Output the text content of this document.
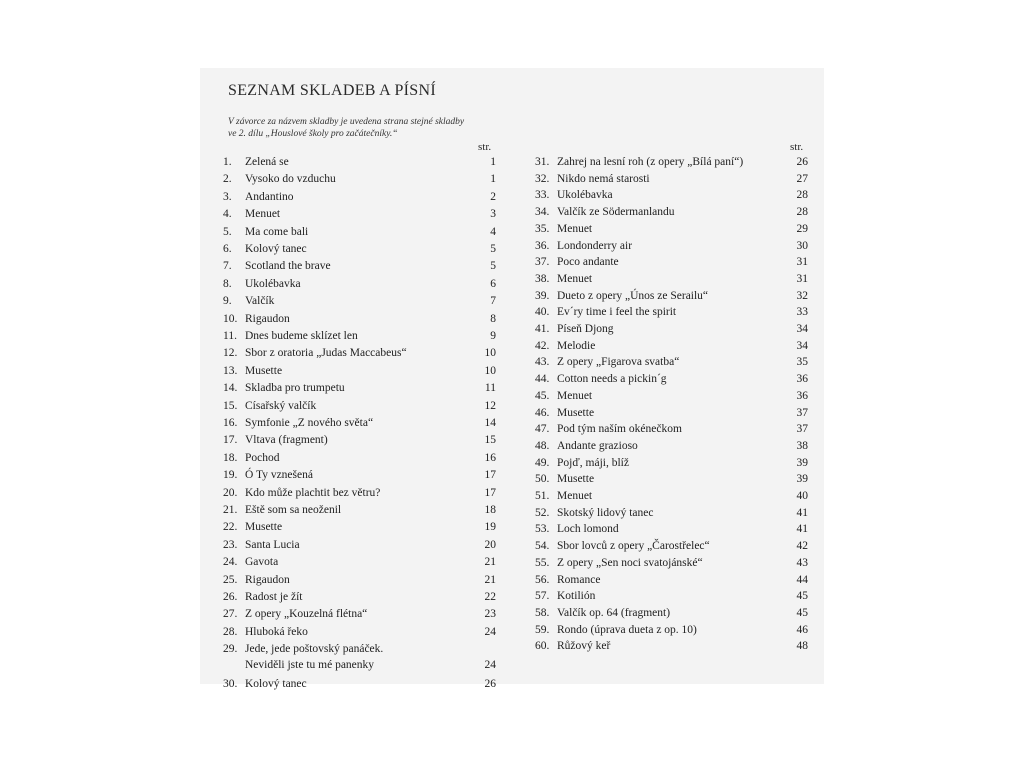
SEZNAM SKLADEB A PÍSNÍ
V závorce za názvem skladby je uvedena strana stejné skladby
ve 2. dílu „Houslové školy pro začátečníky.“
str.	str.
1. Zelená se	1
2. Vysoko do vzduchu	1
3. Andantino	2
4. Menuet	3
5. Ma come bali	4
6. Kolový tanec	5
7. Scotland the brave	5
8. Ukolébavka	6
9. Valčík	7
10. Rigaudon	8
11. Dnes budeme sklízet len	9
12. Sbor z oratoria „Judas Maccabeus“	10
13. Musette	10
14. Skladba pro trumpetu	11
15. Císařský valčík	12
16. Symfonie „Z nového světa“	14
17. Vltava (fragment)	15
18. Pochod	16
19. Ó Ty vznešená	17
20. Kdo může plachtit bez větru?	17
21. Eště som sa neoženil	18
22. Musette	19
23. Santa Lucia	20
24. Gavota	21
25. Rigaudon	21
26. Radost je žít	22
27. Z opery „Kouzelná flétna“	23
28. Hluboká řeko	24
29. Jede, jede poštovský panáček.
Neviděli jste tu mé panenky	24
30. Kolový tanec	26
31. Zahrej na lesní roh (z opery „Bílá paní“)	26
32. Nikdo nemá starosti	27
33. Ukolébavka	28
34. Valčík ze Södermanlandu	28
35. Menuet	29
36. Londonderry air	30
37. Poco andante	31
38. Menuet	31
39. Dueto z opery „Únos ze Serailu“	32
40. Ev´ry time i feel the spirit	33
41. Píseň Djong	34
42. Melodie	34
43. Z opery „Figarova svatba“	35
44. Cotton needs a pickin´g	36
45. Menuet	36
46. Musette	37
47. Pod tým naším okénečkom	37
48. Andante grazioso	38
49. Pojď, máji, blíž	39
50. Musette	39
51. Menuet	40
52. Skotský lidový tanec	41
53. Loch lomond	41
54. Sbor lovců z opery „Čarostřelec“	42
55. Z opery „Sen noci svatojánské“	43
56. Romance	44
57. Kotilión	45
58. Valčík op. 64 (fragment)	45
59. Rondo (úprava dueta z op. 10)	46
60. Růžový keř	48
